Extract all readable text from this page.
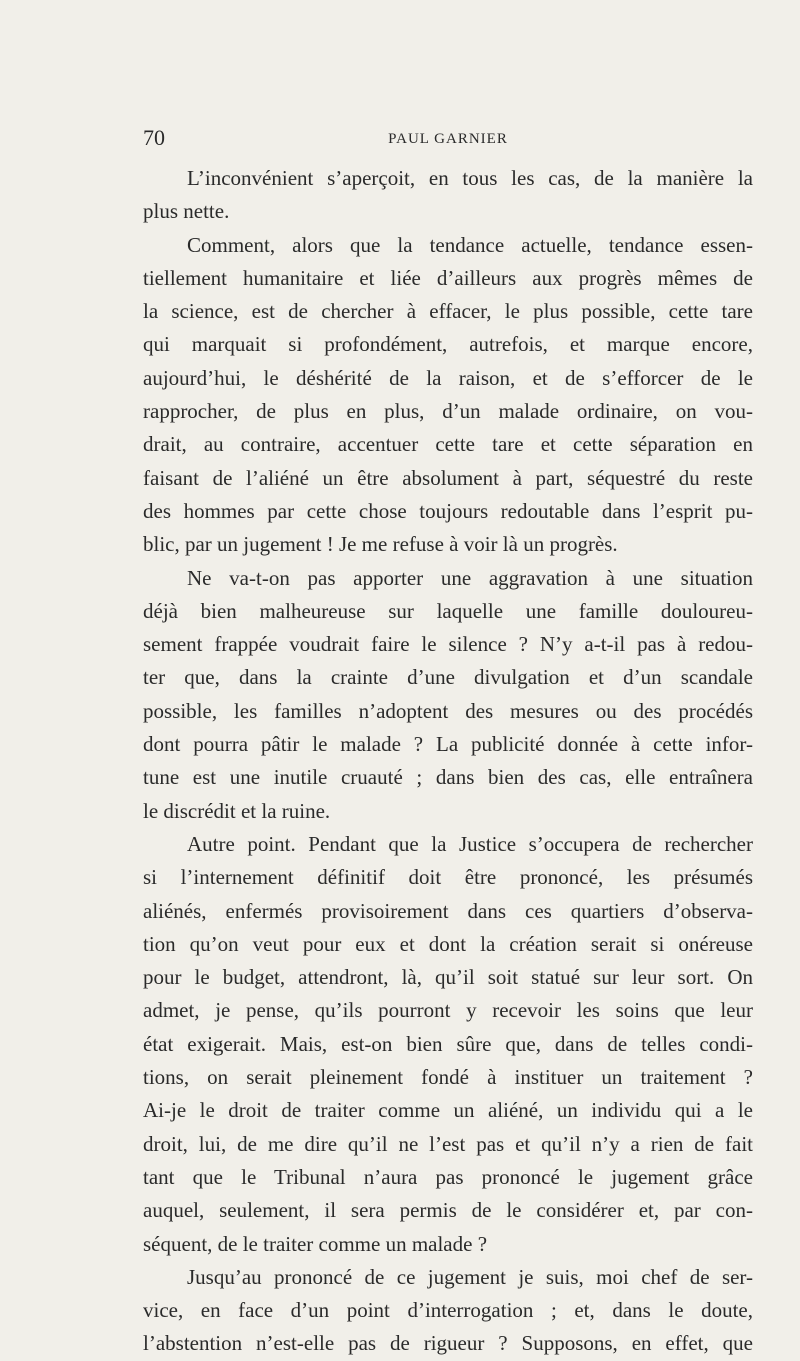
70	PAUL GARNIER

L’inconvénient s’aperçoit, en tous les cas, de la manière la

plus nette.

Comment, alors que la tendance actuelle, tendance essen-

tiellement humanitaire et liée d’ailleurs aux progrès mêmes de

la science, est de chercher à effacer, le plus possible, cette tare

qui marquait si profondément, autrefois, et marque encore,

aujourd’hui, le déshérité de la raison, et de s’efforcer de le

rapprocher, de plus en plus, d’un malade ordinaire, on vou-

drait, au contraire, accentuer cette tare et cette séparation en

faisant de l’aliéné un être absolument à part, séquestré du reste

des hommes par cette chose toujours redoutable dans l’esprit pu-

blic, par un jugement ! Je me refuse à voir là un progrès.

Ne va-t-on pas apporter une aggravation à une situation

déjà bien malheureuse sur laquelle une famille douloureu-

sement frappée voudrait faire le silence ? N’y a-t-il pas à redou-

ter que, dans la crainte d’une divulgation et d’un scandale

possible, les familles n’adoptent des mesures ou des procédés

dont pourra pâtir le malade ? La publicité donnée à cette infor-

tune est une inutile cruauté ; dans bien des cas, elle entraînera

le discrédit et la ruine.

Autre point. Pendant que la Justice s’occupera de rechercher

si l’internement définitif doit être prononcé, les présumés

aliénés, enfermés provisoirement dans ces quartiers d’observa-

tion qu’on veut pour eux et dont la création serait si onéreuse

pour le budget, attendront, là, qu’il soit statué sur leur sort. On

admet, je pense, qu’ils pourront y recevoir les soins que leur

état exigerait. Mais, est-on bien sûre que, dans de telles condi-

tions, on serait pleinement fondé à instituer un traitement ?

Ai-je le droit de traiter comme un aliéné, un individu qui a le

droit, lui, de me dire qu’il ne l’est pas et qu’il n’y a rien de fait

tant que le Tribunal n’aura pas prononcé le jugement grâce

auquel, seulement, il sera permis de le considérer et, par con-

séquent, de le traiter comme un malade ?

Jusqu’au prononcé de ce jugement je suis, moi chef de ser-

vice, en face d’un point d’interrogation ; et, dans le doute,

l’abstention n’est-elle pas de rigueur ? Supposons, en effet, que
